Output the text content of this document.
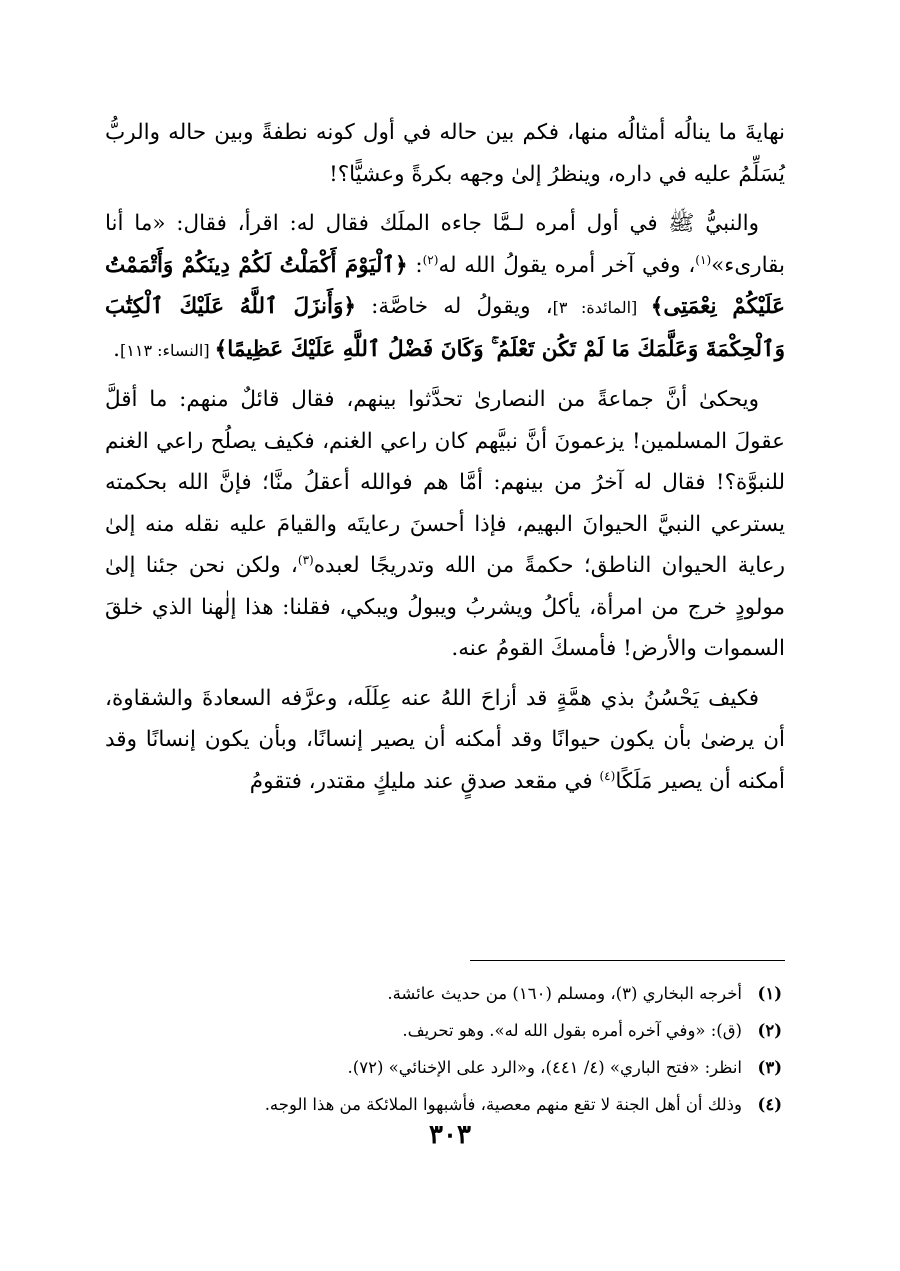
نهايةَ ما ينالُه أمثالُه منها، فكم بين حاله في أول كونه نطفةً وبين حاله والربُّ يُسَلِّمُ عليه في داره، وينظرُ إلىٰ وجهه بكرةً وعشيًّا؟!

والنبيُّ ﷺ في أول أمره لـمَّا جاءه الملَك فقال له: اقرأ، فقال: «ما أنا بقارىء»$^{(١)}$، وفي آخر أمره يقولُ الله له$^{(٢)}$: ﴿ٱلْيَوْمَ أَكْمَلْتُ لَكُمْ دِينَكُمْ وَأَتْمَمْتُ عَلَيْكُمْ نِعْمَتِى﴾ [المائدة: ٣]، ويقولُ له خاصَّة: ﴿وَأَنزَلَ ٱللَّهُ عَلَيْكَ ٱلْكِتَٰبَ وَٱلْحِكْمَةَ وَعَلَّمَكَ مَا لَمْ تَكُن تَعْلَمُ ۚ وَكَانَ فَضْلُ ٱللَّهِ عَلَيْكَ عَظِيمًا﴾ [النساء: ١١٣].

ويحكىٰ أنَّ جماعةً من النصارىٰ تحدَّثوا بينهم، فقال قائلٌ منهم: ما أقلَّ عقولَ المسلمين! يزعمونَ أنَّ نبيَّهم كان راعي الغنم، فكيف يصلُح راعي الغنم للنبوَّة؟! فقال له آخرُ من بينهم: أمَّا هم فوالله أعقلُ منَّا؛ فإنَّ الله بحكمته يسترعي النبيَّ الحيوانَ البهيم، فإذا أحسنَ رعايتَه والقيامَ عليه نقله منه إلىٰ رعاية الحيوان الناطق؛ حكمةً من الله وتدريجًا لعبده$^{(٣)}$، ولكن نحن جئنا إلىٰ مولودٍ خرج من امرأة، يأكلُ ويشربُ ويبولُ ويبكي، فقلنا: هذا إلٰهنا الذي خلقَ السموات والأرض! فأمسكَ القومُ عنه.

فكيف يَحْسُنُ بذي همَّةٍ قد أزاحَ اللهُ عنه عِلَلَه، وعرَّفه السعادةَ والشقاوة، أن يرضىٰ بأن يكون حيوانًا وقد أمكنه أن يصير إنسانًا، وبأن يكون إنسانًا وقد أمكنه أن يصير مَلَكًا$^{(٤)}$ في مقعد صدقٍ عند مليكٍ مقتدر، فتقومُ

(١)
أخرجه البخاري (٣)، ومسلم (١٦٠) من حديث عائشة.
(٢)
(ق): «وفي آخره أمره بقول الله له». وهو تحريف.
(٣)
انظر: «فتح الباري» (٤/ ٤٤١)، و«الرد على الإخنائي» (٧٢).
(٤)
وذلك أن أهل الجنة لا تقع منهم معصية، فأشبهوا الملائكة من هذا الوجه.
٣٠٣
